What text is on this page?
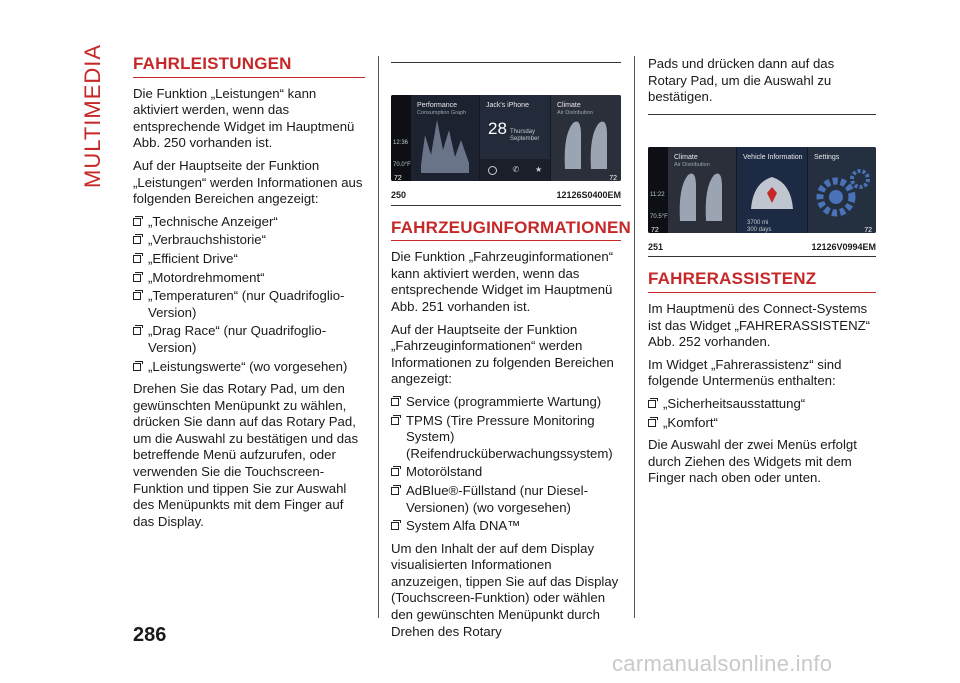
MULTIMEDIA FAHRLEISTUNGEN

Die Funktion „Leistungen“ kann aktiviert werden, wenn das entsprechende Widget im Hauptmenü Abb. 250 vorhanden ist.

Auf der Hauptseite der Funktion „Leistungen“ werden Informationen aus folgenden Bereichen angezeigt:

„Technische Anzeiger“
„Verbrauchshistorie“
„Efficient Drive“
„Motordrehmoment“
„Temperaturen“ (nur Quadrifoglio-Version)
„Drag Race“ (nur Quadrifoglio-Version)
„Leistungswerte“ (wo vorgesehen)

Drehen Sie das Rotary Pad, um den gewünschten Menüpunkt zu wählen, drücken Sie dann auf das Rotary Pad, um die Auswahl zu bestätigen und das betreffende Menü aufzurufen, oder verwenden Sie die Touchscreen-Funktion und tippen Sie zur Auswahl des Menüpunkts mit dem Finger auf das Display.

12:36
70.0°F
72
Performance
Consumption Graph
Jack's iPhone
28 Thursday
September
✆ ★
Climate
Air Distribution
72
250	12126S0400EM
FAHRZEUGINFORMATIONEN

Die Funktion „Fahrzeuginformationen“ kann aktiviert werden, wenn das entsprechende Widget im Hauptmenü Abb. 251 vorhanden ist.

Auf der Hauptseite der Funktion „Fahrzeuginformationen“ werden Informationen zu folgenden Bereichen angezeigt:

Service (programmierte Wartung)
TPMS (Tire Pressure Monitoring System) (Reifendrucküberwachungssystem)
Motorölstand
AdBlue®-Füllstand (nur Diesel-Versionen) (wo vorgesehen)
System Alfa DNA™

Um den Inhalt der auf dem Display visualisierten Informationen anzuzeigen, tippen Sie auf das Display (Touchscreen-Funktion) oder wählen den gewünschten Menüpunkt durch Drehen des Rotary

Pads und drücken dann auf das Rotary Pad, um die Auswahl zu bestätigen.

11:22
70.5°F
72
Climate
Air Distribution
Vehicle Information
3700 mi
300 days
Settings
72
251	12126V0994EM
FAHRERASSISTENZ

Im Hauptmenü des Connect-Systems ist das Widget „FAHRERASSISTENZ“ Abb. 252 vorhanden.

Im Widget „Fahrerassistenz“ sind folgende Untermenüs enthalten:

„Sicherheitsausstattung“
„Komfort“

Die Auswahl der zwei Menüs erfolgt durch Ziehen des Widgets mit dem Finger nach oben oder unten.

286
carmanualsonline.info
